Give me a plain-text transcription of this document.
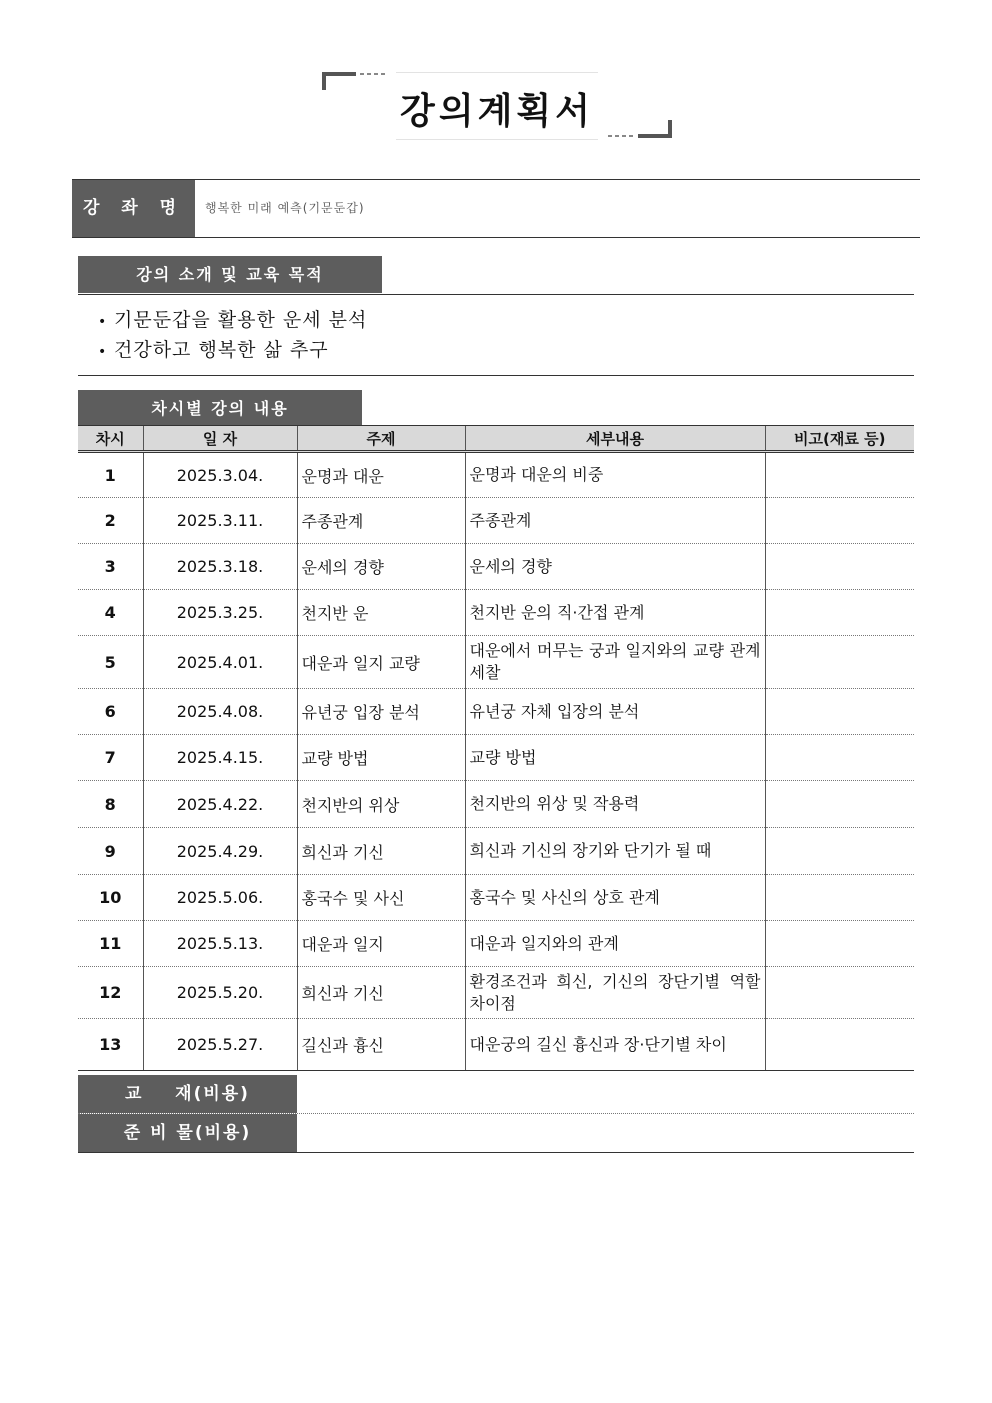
강의계획서
강 좌 명	행복한 미래 예측(기문둔갑)
강의 소개 및 교육 목적
• 기문둔갑을 활용한 운세 분석
• 건강하고 행복한 삶 추구
차시별 강의 내용
차시	일 자	주제	세부내용	비고(재료 등)
1	2025.3.04.	운명과 대운	운명과 대운의 비중	
2	2025.3.11.	주종관계	주종관계	
3	2025.3.18.	운세의 경향	운세의 경향	
4	2025.3.25.	천지반 운	천지반 운의 직·간접 관계	
5	2025.4.01.	대운과 일지 교량	대운에서 머무는 궁과 일지와의 교량 관계 세찰	
6	2025.4.08.	유년궁 입장 분석	유년궁 자체 입장의 분석	
7	2025.4.15.	교량 방법	교량 방법	
8	2025.4.22.	천지반의 위상	천지반의 위상 및 작용력	
9	2025.4.29.	희신과 기신	희신과 기신의 장기와 단기가 될 때	
10	2025.5.06.	홍국수 및 사신	홍국수 및 사신의 상호 관계	
11	2025.5.13.	대운과 일지	대운과 일지와의 관계	
12	2025.5.20.	희신과 기신	환경조건과 희신, 기신의 장단기별 역할 차이점	
13	2025.5.27.	길신과 흉신	대운궁의 길신 흉신과 장·단기별 차이	
교    재(비용)
준 비 물(비용)
